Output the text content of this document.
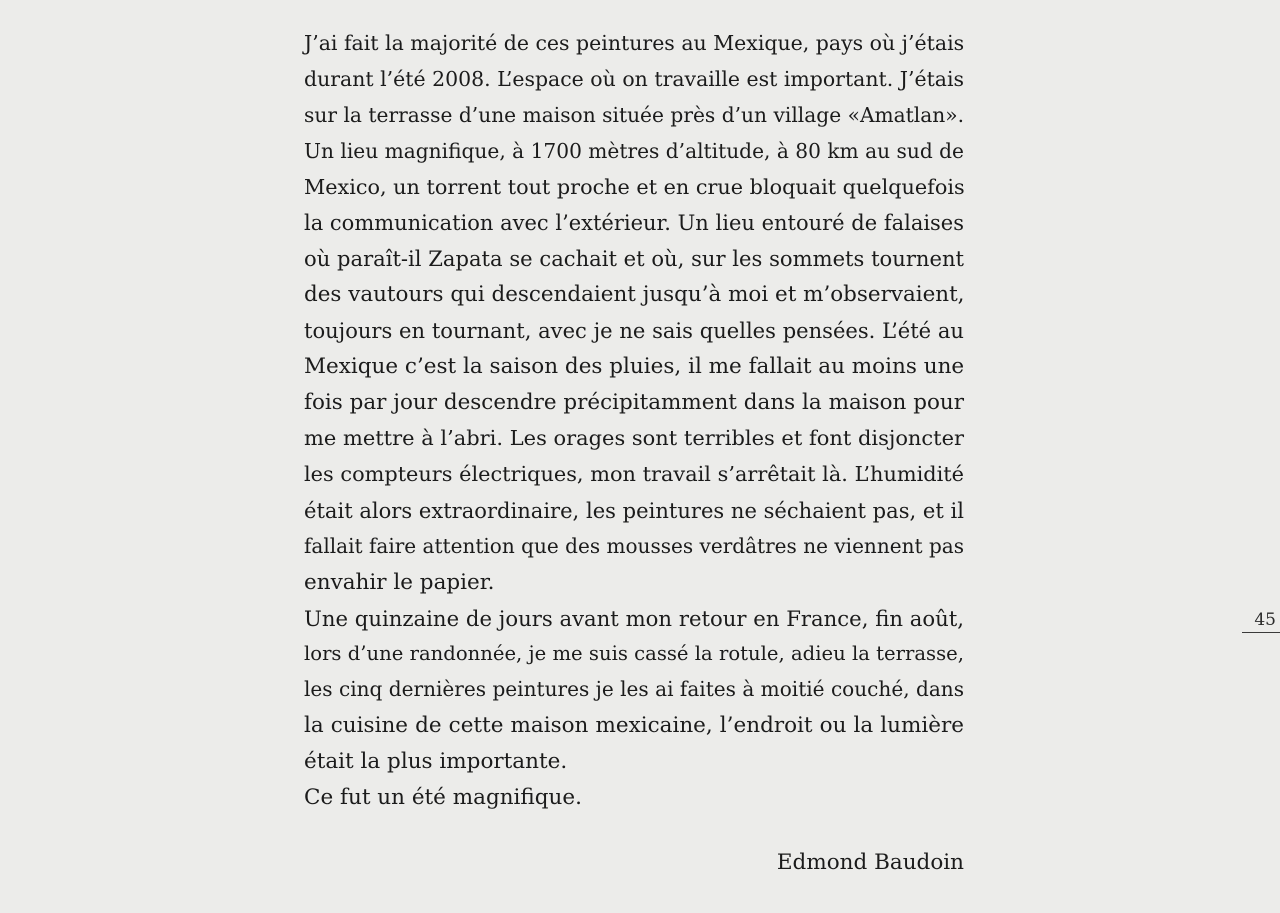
J’ai fait la majorité de ces peintures au Mexique, pays où j’étais
durant l’été 2008. L’espace où on travaille est important. J’étais
sur la terrasse d’une maison située près d’un village «Amatlan».
Un lieu magnifique, à 1700 mètres d’altitude, à 80 km au sud de
Mexico, un torrent tout proche et en crue bloquait quelquefois
la communication avec l’extérieur. Un lieu entouré de falaises
où paraît-il Zapata se cachait et où, sur les sommets tournent
des vautours qui descendaient jusqu’à moi et m’observaient,
toujours en tournant, avec je ne sais quelles pensées. L’été au
Mexique c’est la saison des pluies, il me fallait au moins une
fois par jour descendre précipitamment dans la maison pour
me mettre à l’abri. Les orages sont terribles et font disjoncter
les compteurs électriques, mon travail s’arrêtait là. L’humidité
était alors extraordinaire, les peintures ne séchaient pas, et il
fallait faire attention que des mousses verdâtres ne viennent pas
envahir le papier.
Une quinzaine de jours avant mon retour en France, fin août,
lors d’une randonnée, je me suis cassé la rotule, adieu la terrasse,
les cinq dernières peintures je les ai faites à moitié couché, dans
la cuisine de cette maison mexicaine, l’endroit ou la lumière
était la plus importante.
Ce fut un été magnifique.
Edmond Baudoin
45
